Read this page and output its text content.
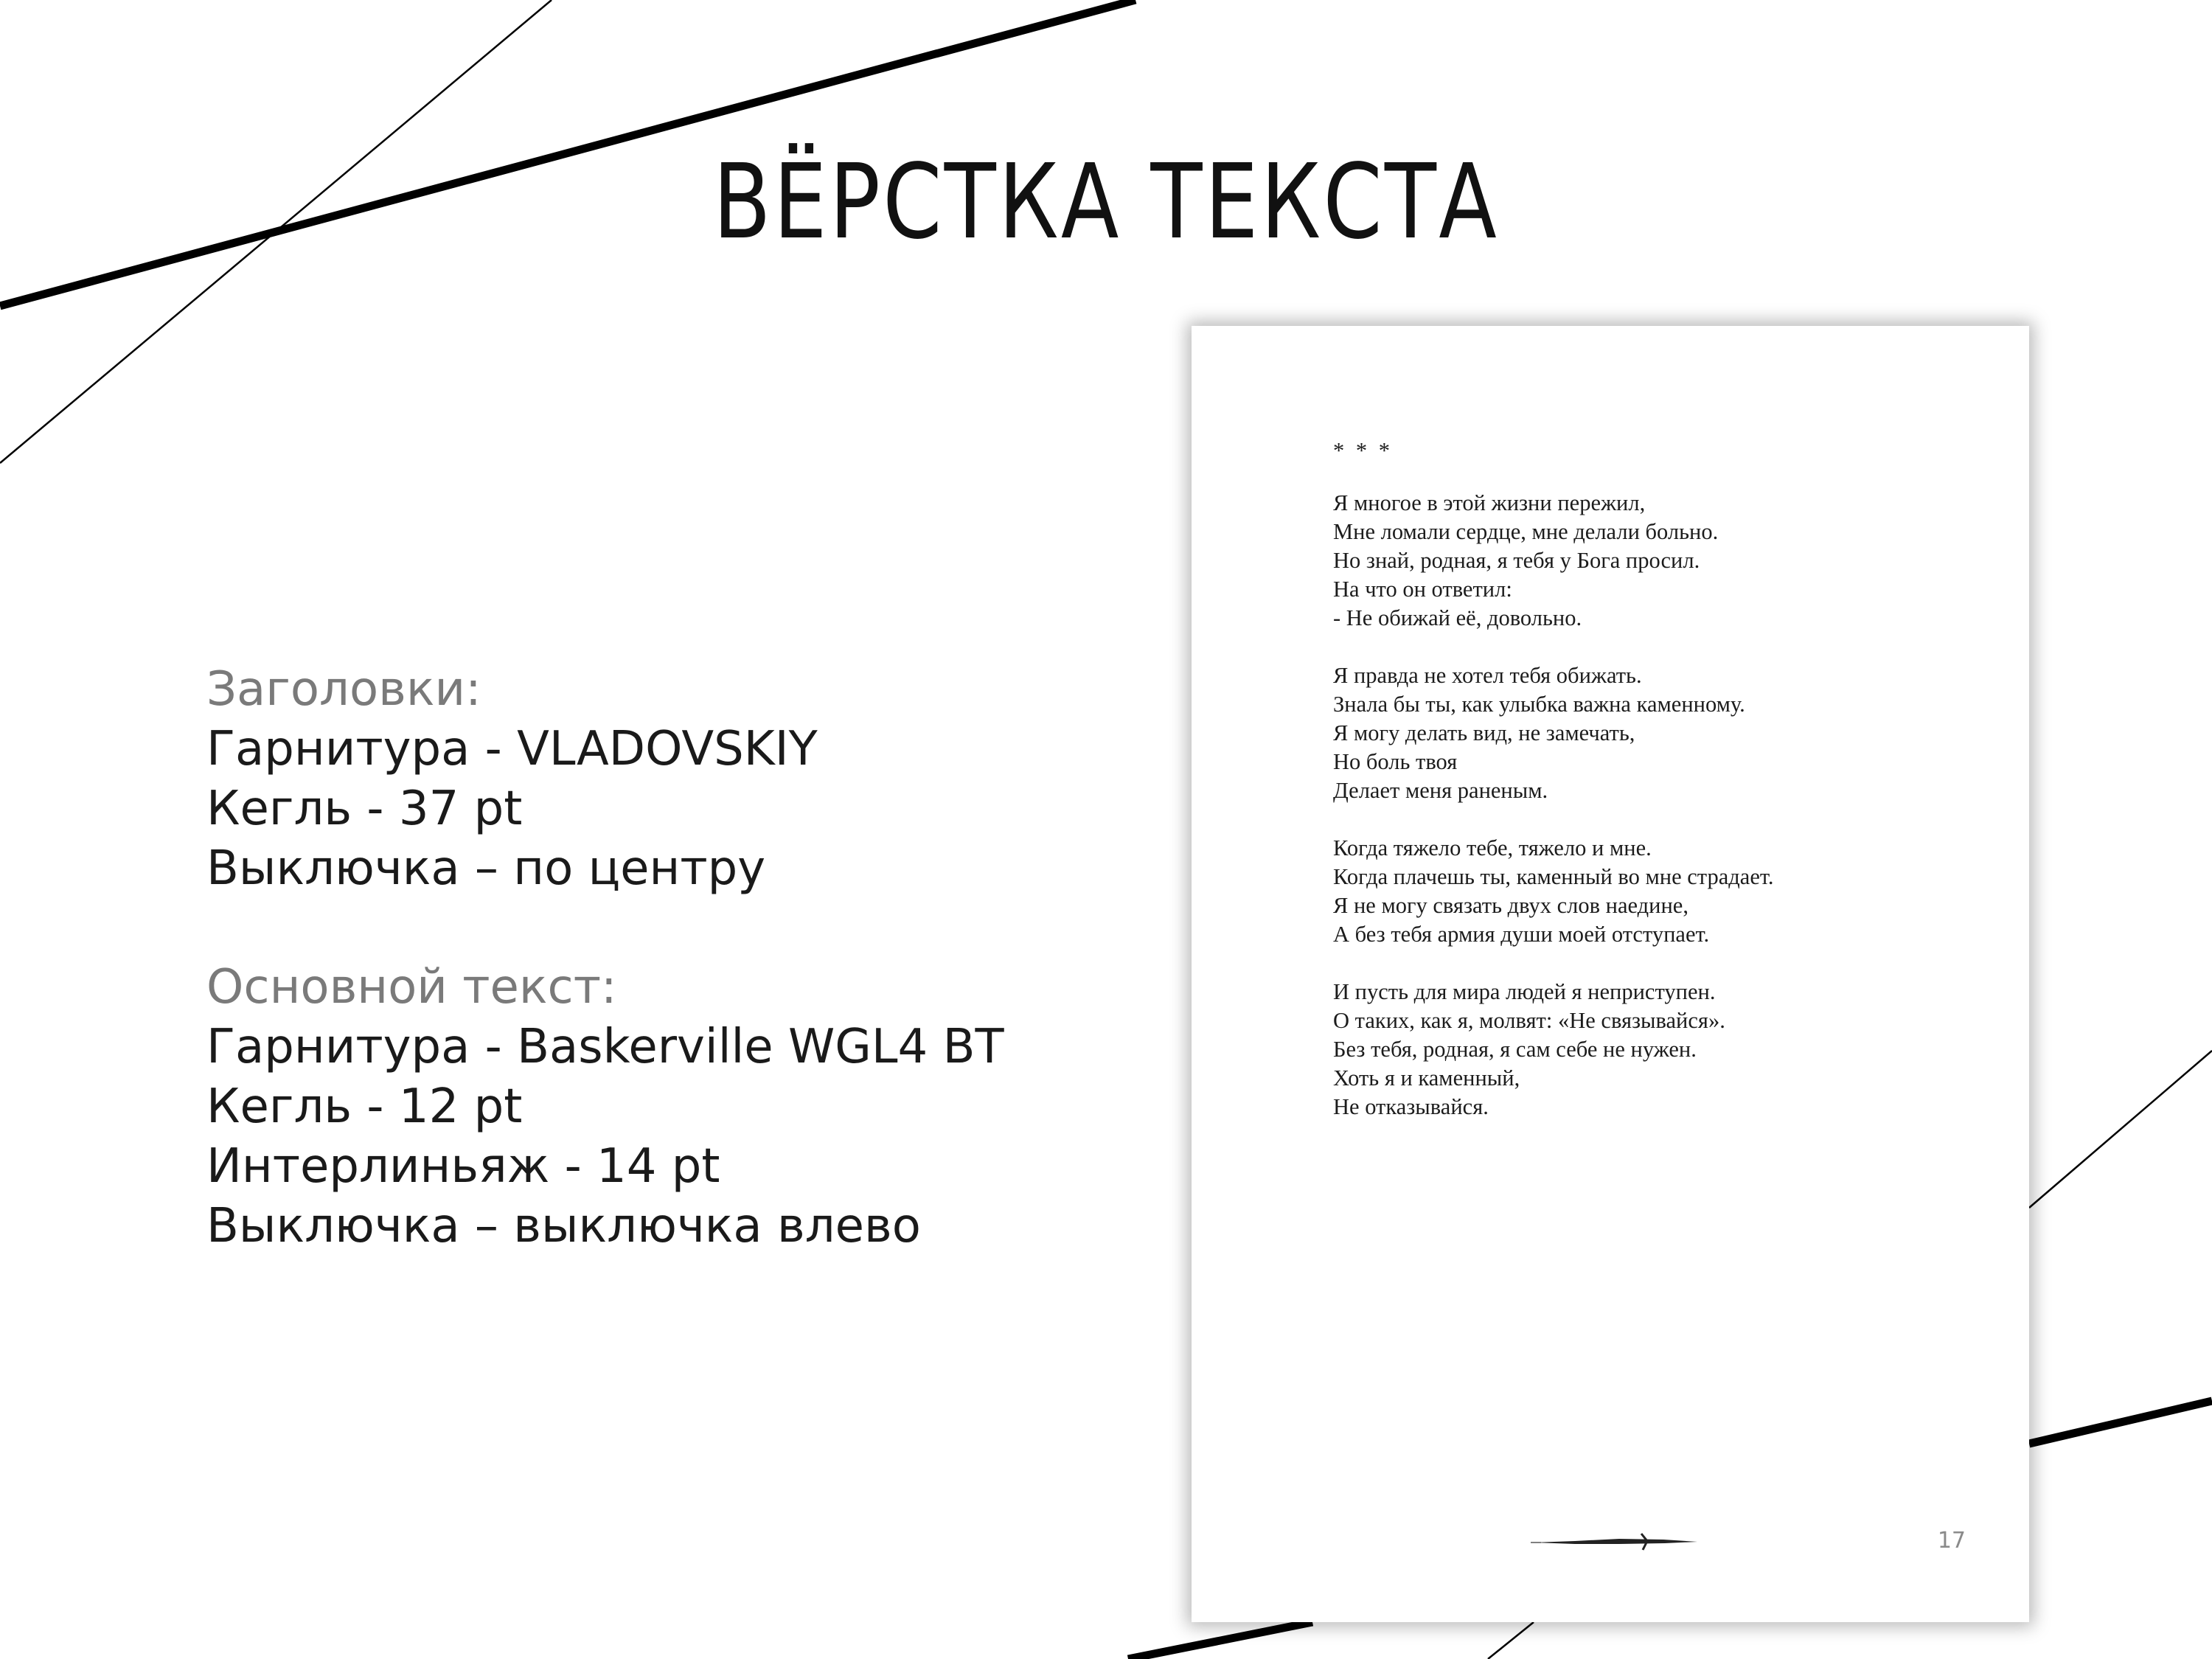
ВЁРСТКА ТЕКСТА
Заголовки:
Гарнитура - VLADOVSKIY
Кегль - 37 pt
Выключка – по центру
Основной текст:
Гарнитура - Baskerville WGL4 BT
Кегль - 12 pt
Интерлиньяж - 14 pt
Выключка – выключка влево
* * *
Я многое в этой жизни пережил,
Мне ломали сердце, мне делали больно.
Но знай, родная, я тебя у Бога просил.
На что он ответил:
- Не обижай её, довольно.
Я правда не хотел тебя обижать.
Знала бы ты, как улыбка важна каменному.
Я могу делать вид, не замечать,
Но боль твоя
Делает меня раненым.
Когда тяжело тебе, тяжело и мне.
Когда плачешь ты, каменный во мне страдает.
Я не могу связать двух слов наедине,
А без тебя армия души моей отступает.
И пусть для мира людей я неприступен.
О таких, как я, молвят: «Не связывайся».
Без тебя, родная, я сам себе не нужен.
Хоть я и каменный,
Не отказывайся.
17
